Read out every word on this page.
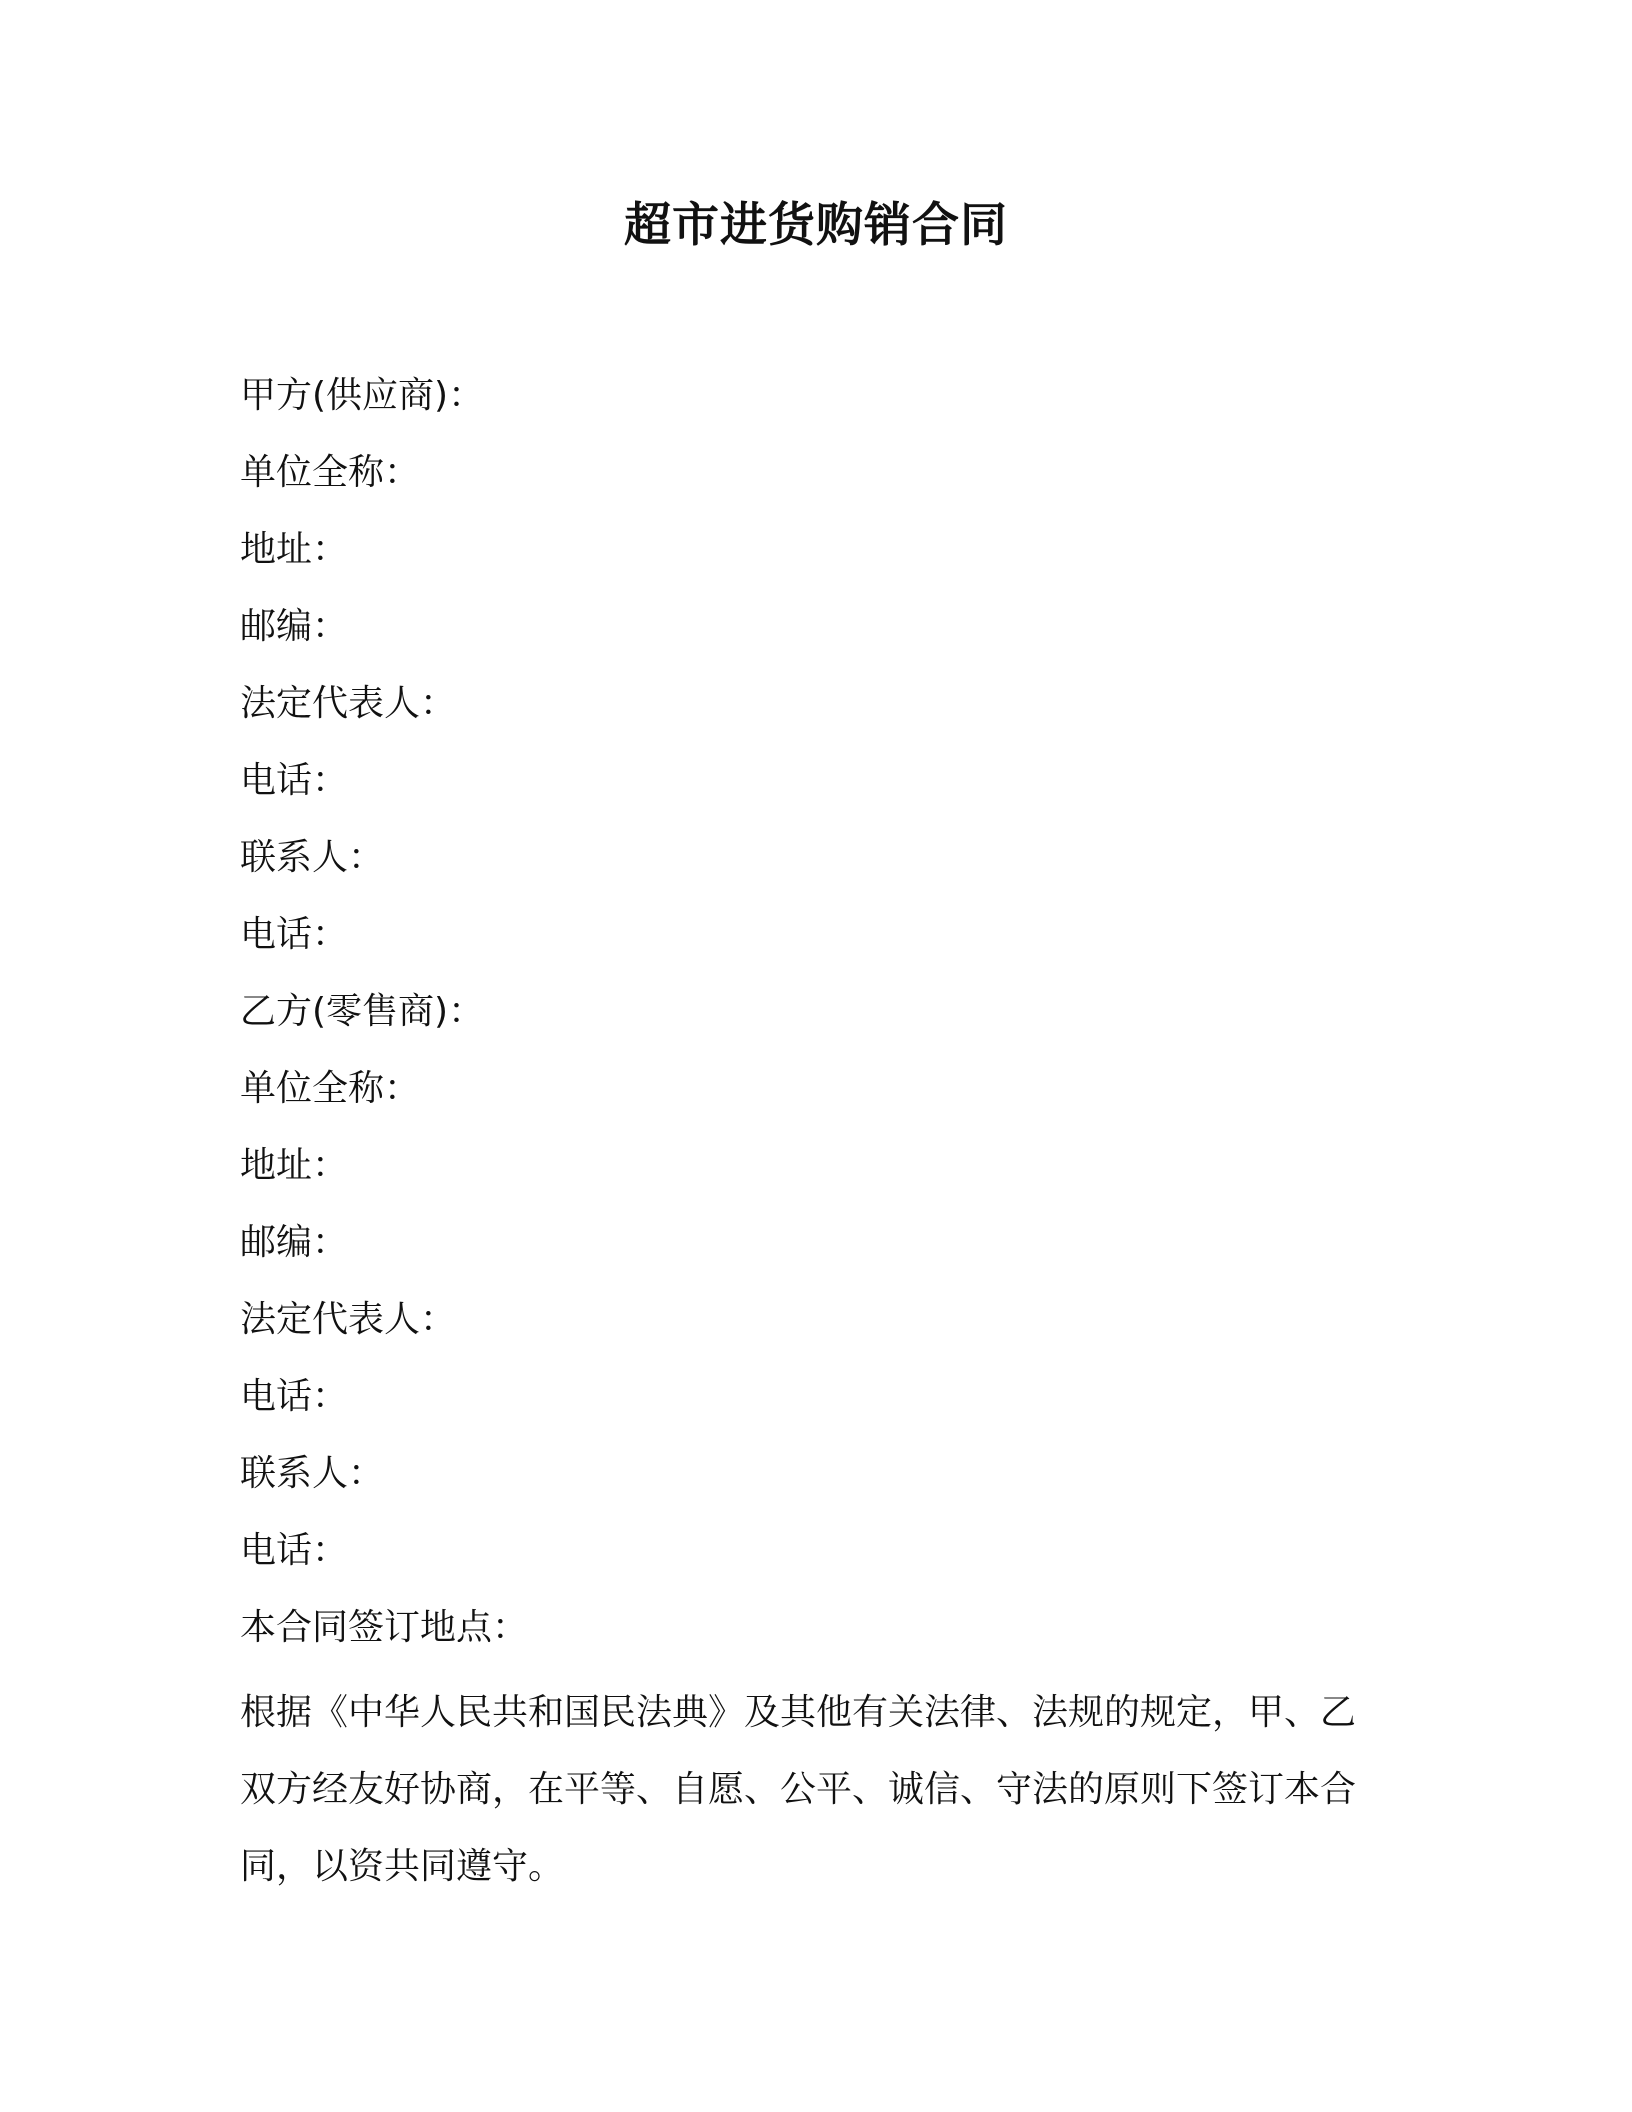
超市进货购销合同
甲方(供应商)：
单位全称：
地址：
邮编：
法定代表人：
电话：
联系人：
电话：
乙方(零售商)：
单位全称：
地址：
邮编：
法定代表人：
电话：
联系人：
电话：
本合同签订地点：

根据《中华人民共和国民法典》及其他有关法律、法规的规定，甲、乙双方经友好协商，在平等、自愿、公平、诚信、守法的原则下签订本合同，以资共同遵守。
